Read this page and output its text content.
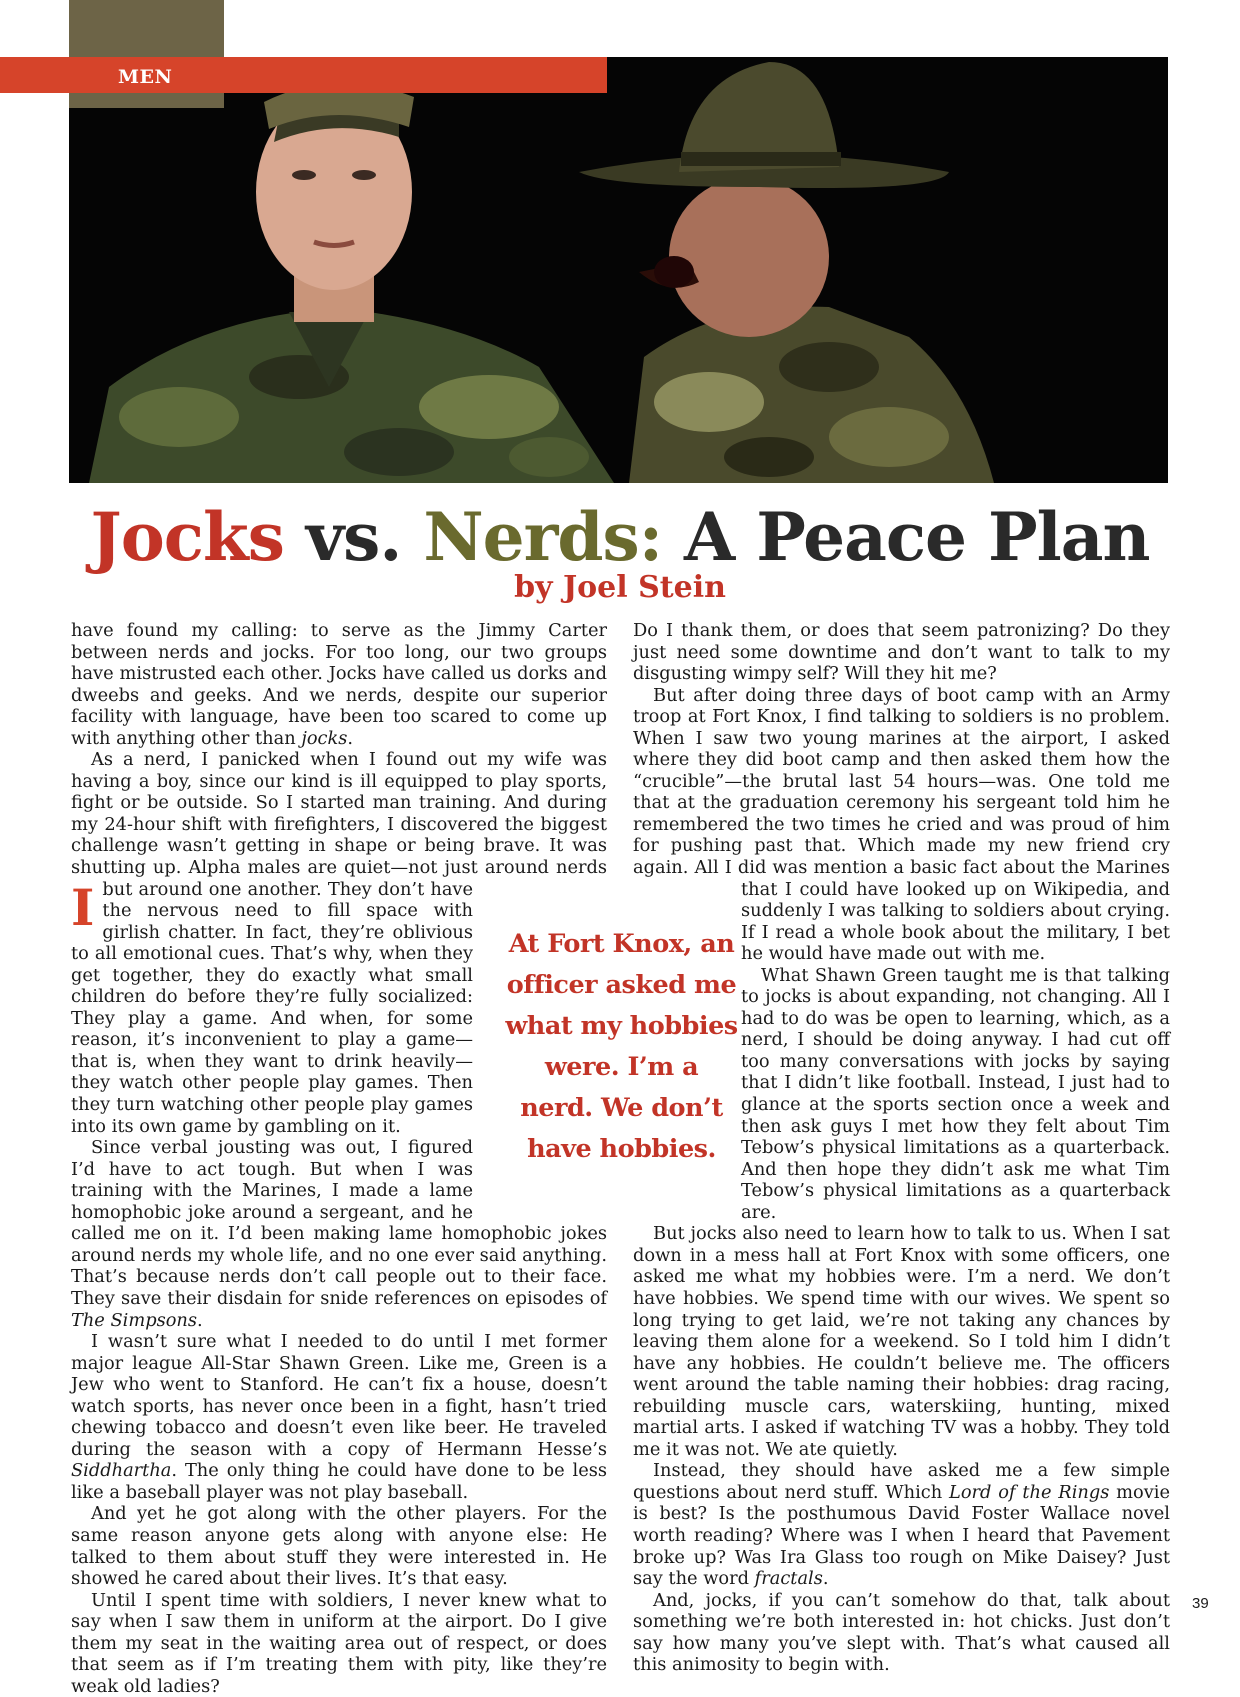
MEN
Jocks vs. Nerds: A Peace Plan
by Joel Stein

I
have found my calling: to serve as the Jimmy Carter between nerds and jocks. For too long, our two groups have mistrusted each other. Jocks have called us dorks and dweebs and geeks. And we nerds, despite our superior facility with language, have been too scared to come up with anything other than jocks.

As a nerd, I panicked when I found out my wife was having a boy, since our kind is ill equipped to play sports, fight or be outside. So I started man training. And during my 24-hour shift with firefighters, I discovered the biggest challenge wasn’t getting in shape or being brave. It was shutting up. Alpha males are quiet—not just around nerds but around one another. They don’t have the nervous need to fill space with girlish chatter. In fact, they’re oblivious to all emotional cues. That’s why, when they get together, they do exactly what small children do before they’re fully socialized: They play a game. And when, for some reason, it’s inconvenient to play a game—that is, when they want to drink heavily—they watch other people play games. Then they turn watching other people play games into its own game by gambling on it.

Since verbal jousting was out, I figured I’d have to act tough. But when I was training with the Marines, I made a lame homophobic joke around a sergeant, and he called me on it. I’d been making lame homophobic jokes around nerds my whole life, and no one ever said anything. That’s because nerds don’t call people out to their face. They save their disdain for snide references on episodes of The Simpsons.

I wasn’t sure what I needed to do until I met former major league All-Star Shawn Green. Like me, Green is a Jew who went to Stanford. He can’t fix a house, doesn’t watch sports, has never once been in a fight, hasn’t tried chewing tobacco and doesn’t even like beer. He traveled during the season with a copy of Hermann Hesse’s Siddhartha. The only thing he could have done to be less like a baseball player was not play baseball.

And yet he got along with the other players. For the same reason anyone gets along with anyone else: He talked to them about stuff they were interested in. He showed he cared about their lives. It’s that easy.

Until I spent time with soldiers, I never knew what to say when I saw them in uniform at the airport. Do I give them my seat in the waiting area out of respect, or does that seem as if I’m treating them with pity, like they’re weak old ladies?

Do I thank them, or does that seem patronizing? Do they just need some downtime and don’t want to talk to my disgusting wimpy self? Will they hit me?

But after doing three days of boot camp with an Army troop at Fort Knox, I find talking to soldiers is no problem. When I saw two young marines at the airport, I asked where they did boot camp and then asked them how the “crucible”—the brutal last 54 hours—was. One told me that at the graduation ceremony his sergeant told him he remembered the two times he cried and was proud of him for pushing past that. Which made my new friend cry again. All I did was mention a basic fact about the Marines that I could have looked up on Wikipedia, and suddenly I was talking to soldiers about crying. If I read a whole book about the military, I bet he would have made out with me.

What Shawn Green taught me is that talking to jocks is about expanding, not changing. All I had to do was be open to learning, which, as a nerd, I should be doing anyway. I had cut off too many conversations with jocks by saying that I didn’t like football. Instead, I just had to glance at the sports section once a week and then ask guys I met how they felt about Tim Tebow’s physical limitations as a quarterback. And then hope they didn’t ask me what Tim Tebow’s physical limitations as a quarterback are.

But jocks also need to learn how to talk to us. When I sat down in a mess hall at Fort Knox with some officers, one asked me what my hobbies were. I’m a nerd. We don’t have hobbies. We spend time with our wives. We spent so long trying to get laid, we’re not taking any chances by leaving them alone for a weekend. So I told him I didn’t have any hobbies. He couldn’t believe me. The officers went around the table naming their hobbies: drag racing, rebuilding muscle cars, waterskiing, hunting, mixed martial arts. I asked if watching TV was a hobby. They told me it was not. We ate quietly.

Instead, they should have asked me a few simple questions about nerd stuff. Which Lord of the Rings movie is best? Is the posthumous David Foster Wallace novel worth reading? Where was I when I heard that Pavement broke up? Was Ira Glass too rough on Mike Daisey? Just say the word fractals.

And, jocks, if you can’t somehow do that, talk about something we’re both interested in: hot chicks. Just don’t say how many you’ve slept with. That’s what caused all this animosity to begin with.

At Fort Knox, an officer asked me what my hobbies were. I’m a nerd. We don’t have hobbies.
39
